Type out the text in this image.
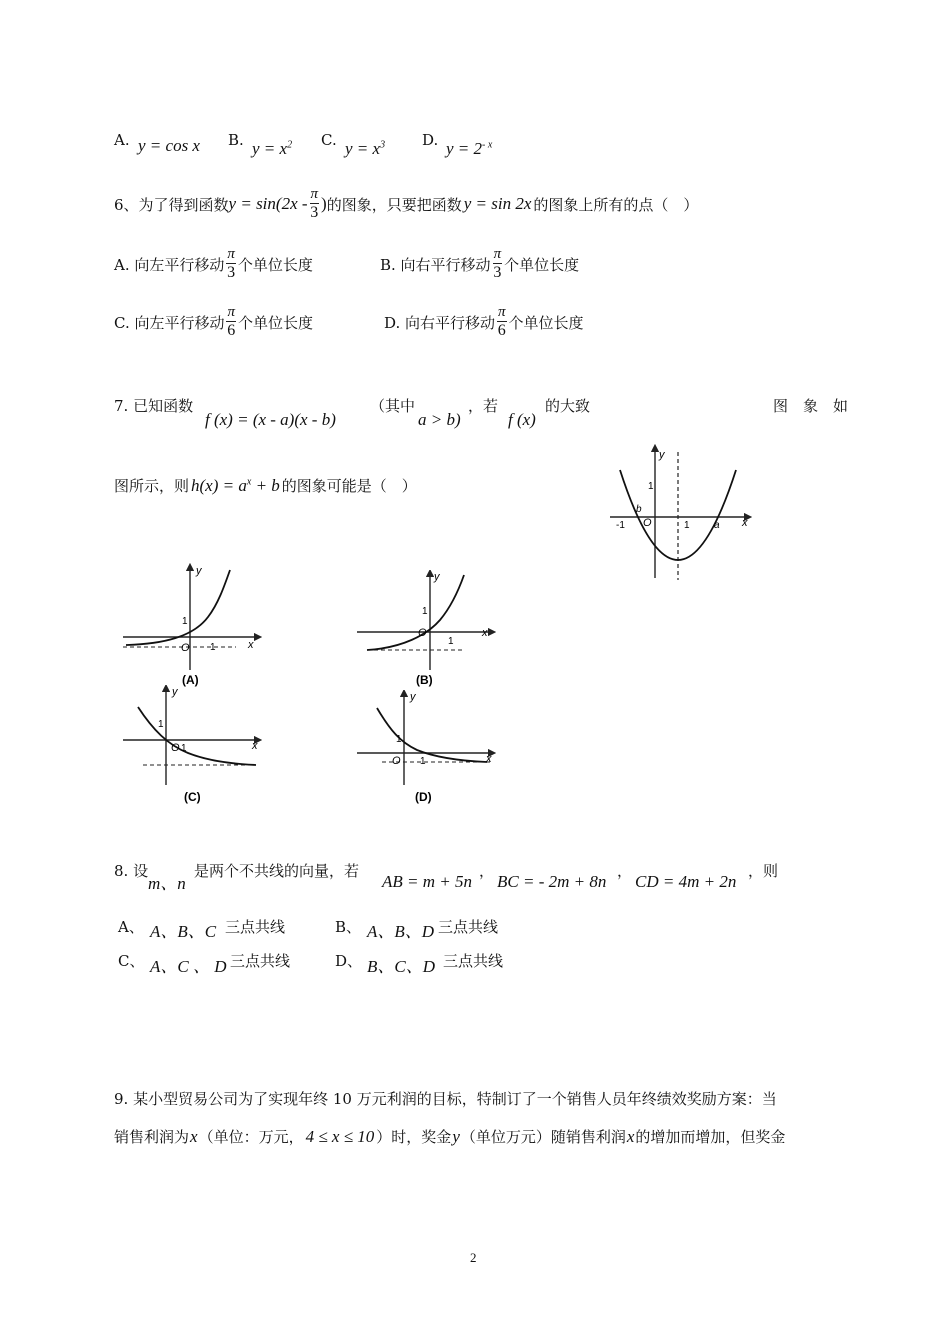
A. y = cos x B. $y = x^2$ C. $y = x^3$ D. $y = 2^{- x}$
6、为了得到函数 $y = \sin(2x - \frac{\pi}{3}$ ) 的图象，只要把函数 y = sin 2x 的图象上所有的点（　）
A. 向左平行移动 $\frac{\pi}{3}$ 个单位长度	B. 向右平行移动 $\frac{\pi}{3}$ 个单位长度
C. 向左平行移动 $\frac{\pi}{6}$ 个单位长度	D. 向右平行移动 $\frac{\pi}{6}$ 个单位长度
7. 已知函数
f (x) = (x - a)(x - b)
（其中
a > b)
，若
f (x)
的大致	图　象　如
图所示，则 $h(x) = a^x + b$ 的图象可能是（　）
y
1
b
O
-1	1 a x
y
1
O 1	x
(A)
y
1
O
1
x
(B)
y
1
O 1	x
(C)
y
1
O 1	x
(D)
8. 设
m、n
是两个不共线的向量，若
AB = m + 5n
，
BC = - 2m + 8n
，
CD = 4m + 2n
，则
A、 A、B、C 三点共线	B、 A、B、D 三点共线
C、 A、C 、 D 三点共线	D、 B、C、D 三点共线
9. 某小型贸易公司为了实现年终 10 万元利润的目标，特制订了一个销售人员年终绩效奖励方案：当
销售利润为 x （单位：万元， 4 ≤ x ≤ 10 ）时，奖金 y （单位万元）随销售利润 x 的增加而增加，但奖金
2
